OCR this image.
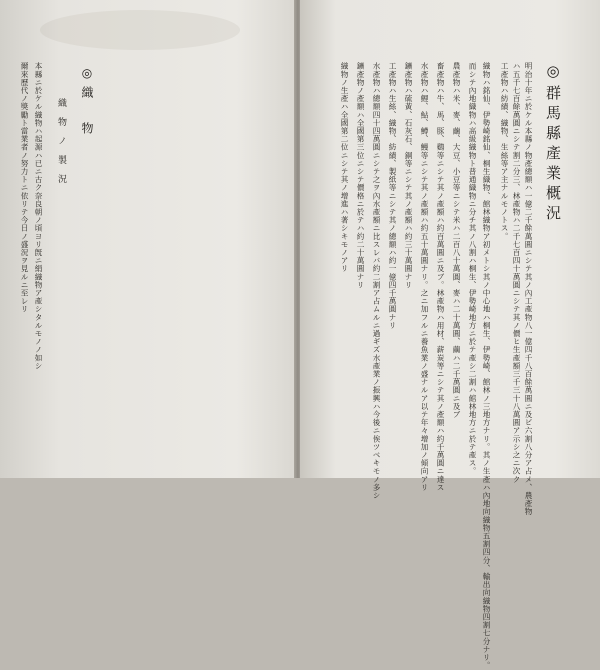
◎群馬縣產業概況
明治十年ニ於ケル本縣ノ物產總額ハ一億二千餘萬圓ニシテ其ノ內工產物八一億四千八百餘萬圓ニ及ビ六割八分ア占メ、農產物
ハ五千七百餘萬圓ニシテ割二分三、林產物ハ二千七百四十萬圓ニシテ其ノ價ヒ生產額三千三十八萬圓ア示シ之ニ次ク
工產物ハ紡績、織物、生絲等ア主ナルモノトス。
織物ハ銘仙、伊勢崎銘仙、桐生織物、館林織物ア初メトシ其ノ中心地ハ桐生、伊勢崎、館林ノ三地方ナリ。其ノ生產ハ內地向織物五割四分、輸出向織物四割七分ナリ。
而シテ內地織物ハ高級織物ト普通織物ニ分チ其ノ八割ハ桐生、伊勢崎地方ニ於テ產シ二割ハ館林地方ニ於テ產ス。
農產物ハ米、麥、繭、大豆、小豆等ニシテ米ハ二百八十萬圓、麥ハ二十萬圓、繭ハ二千萬圓ニ及ブ
畜產物ハ牛、馬、豚、鷄等ニシテ其ノ產額ハ約百萬圓ニ及ブ。林產物ハ用材、薪炭等ニシテ其ノ產額ハ約千萬圓ニ達ス
水產物ハ鯉、鮎、鱒、鰻等ニシテ其ノ產額ハ約五十萬圓ナリ。之ニ加フルニ養魚業ノ盛ナルア以テ年々增加ノ傾向アリ
鑛產物ハ硫黃、石灰石、銅等ニシテ其ノ產額ハ約三十萬圓ナリ
工產物ハ生絲、織物、紡績、製紙等ニシテ其ノ總額ハ約一億四千萬圓ナリ
水產物ハ總額四十四萬圓ニシテ之ヲ內水產額ニ比スレバ約二割ア占ムルニ過ギズ水產業ノ振興ハ今後ニ俟ツベキモノ多シ
鑛產物ノ產額ハ全國第三位ニシテ價格ニ於テハ約二十萬圓ナリ
織物ノ生產ハ全國第二位ニシテ其ノ增進ハ著シキモノアリ
◎織　物
織物ノ製況
本縣ニ於ケル織物ハ起源ハ已ニ古ク奈良朝ノ頃ヨリ旣ニ絹織物ア產シタルモノノ如シ
爾來歷代ノ獎勵ト當業者ノ努力トニ依リテ今日ノ盛況ヲ見ルニ至レリ
